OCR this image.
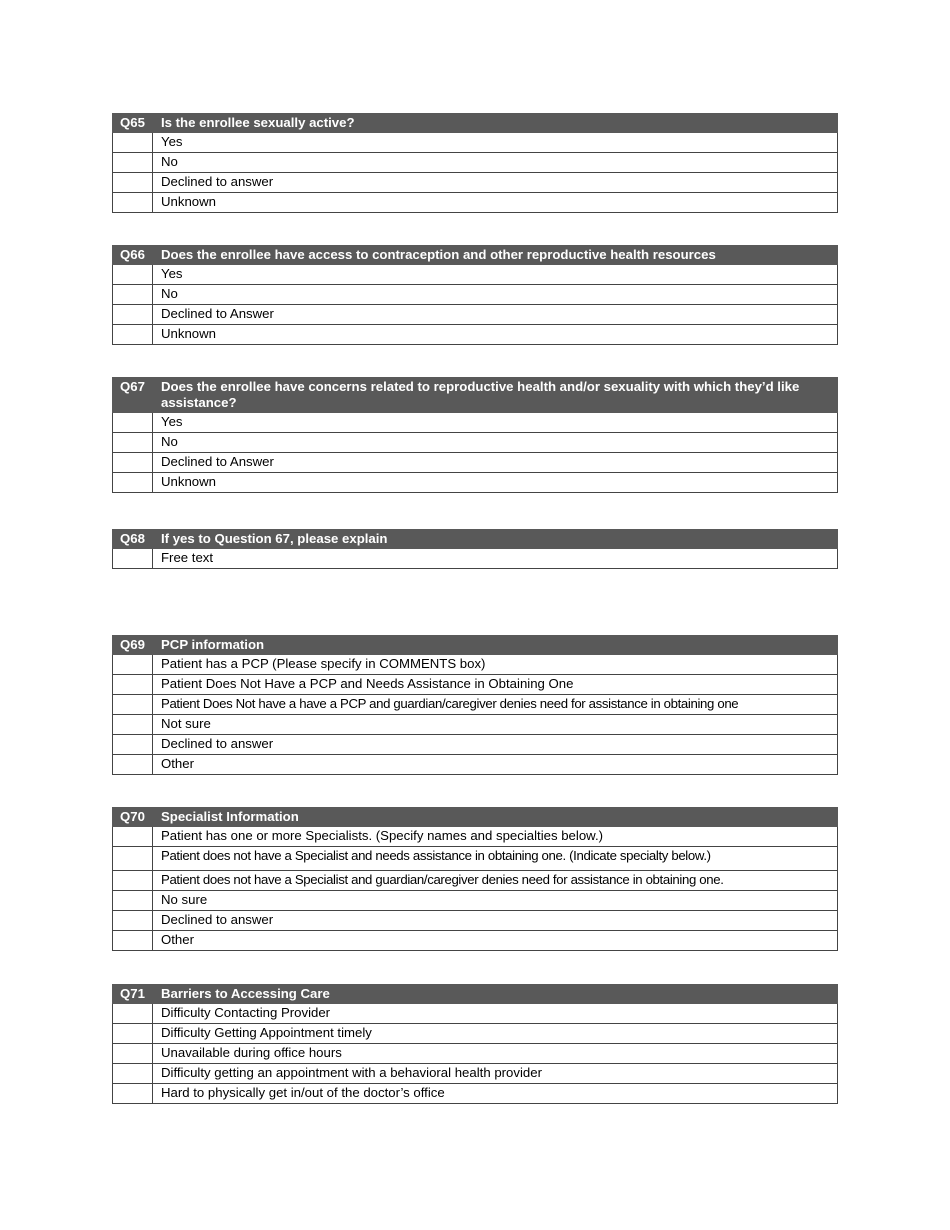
Q65	Is the enrollee sexually active?
	Yes
	No
	Declined to answer
	Unknown
Q66	Does the enrollee have access to contraception and other reproductive health resources
	Yes
	No
	Declined to Answer
	Unknown
Q67	Does the enrollee have concerns related to reproductive health and/or sexuality with which they’d like assistance?
	Yes
	No
	Declined to Answer
	Unknown
Q68	If yes to Question 67, please explain
	Free text
Q69	PCP information
	Patient has a PCP (Please specify in COMMENTS box)
	Patient Does Not Have a PCP and Needs Assistance in Obtaining One
	Patient Does Not have a have a PCP and guardian/caregiver denies need for assistance in obtaining one
	Not sure
	Declined to answer
	Other
Q70	Specialist Information
	Patient has one or more Specialists. (Specify names and specialties below.)
	Patient does not have a Specialist and needs assistance in obtaining one. (Indicate specialty below.)
	Patient does not have a Specialist and guardian/caregiver denies need for assistance in obtaining one.
	No sure
	Declined to answer
	Other
Q71	Barriers to Accessing Care
	Difficulty Contacting Provider
	Difficulty Getting Appointment timely
	Unavailable during office hours
	Difficulty getting an appointment with a behavioral health provider
	Hard to physically get in/out of the doctor’s office
